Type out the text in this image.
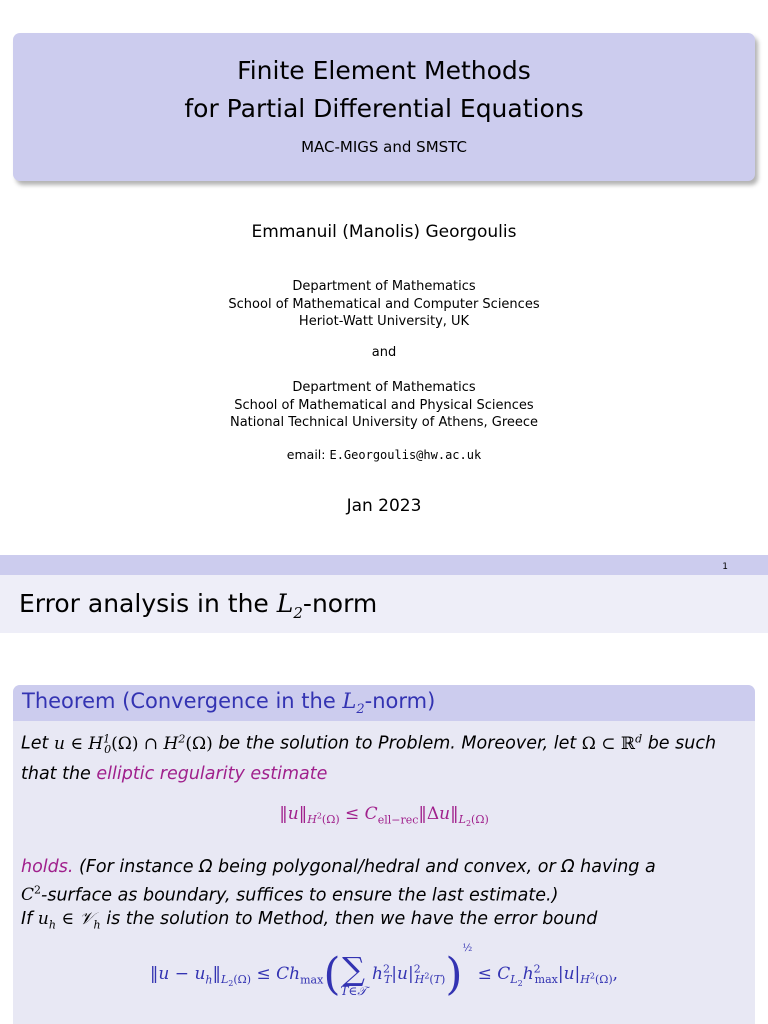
Finite Element Methods
for Partial Differential Equations
MAC-MIGS and SMSTC
Emmanuil (Manolis) Georgoulis
Department of Mathematics
School of Mathematical and Computer Sciences
Heriot-Watt University, UK
and
Department of Mathematics
School of Mathematical and Physical Sciences
National Technical University of Athens, Greece
email: E.Georgoulis@hw.ac.uk
Jan 2023
1
Error analysis in the $L_2$-norm
Theorem (Convergence in the $L_2-norm$)
Let u ∈ $H^1_0(\Omega)$ ∩ $H^2(\Omega)$ be the solution to Problem. Moreover, let Ω ⊂ ℝ$^d$ be such
that the elliptic regularity estimate
$‖u‖_{H^2(\Omega)}$ ≤ $C_{ell-rec}‖\Delta u‖_{L_2(\Omega)}$
holds. (For instance Ω being polygonal/hedral and convex, or Ω having a
$C^2$-surface as boundary, suffices to ensure the last estimate.)
If $u_h$ ∈ 𝒱$_h$ is the solution to Method, then we have the error bound
‖u − $u_h‖_{L_2(\Omega)} \le Ch_{max}$( ∑
T∈𝒯
$h^2_T|u|^2_{H^2(T)})^{\frac{1}{2}} \le C_{L_2}h^2_{max}|u|_{H^2(\Omega)}$,
